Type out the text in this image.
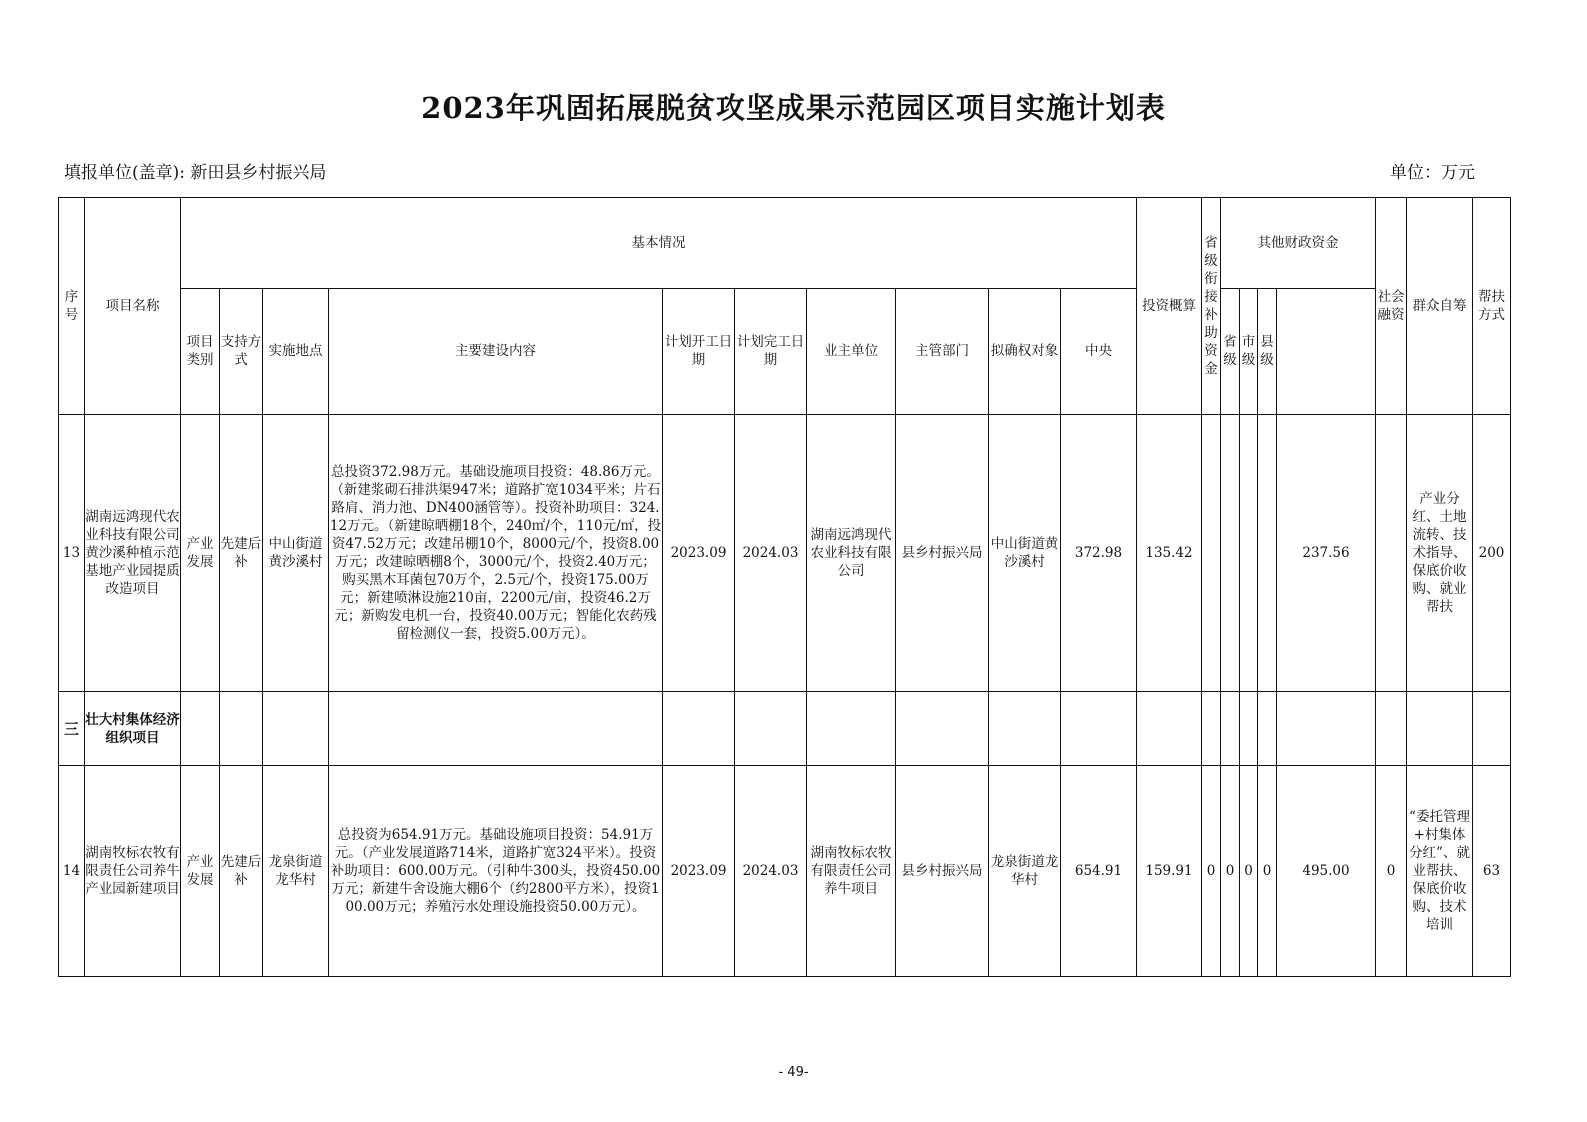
2023年巩固拓展脱贫攻坚成果示范园区项目实施计划表
填报单位(盖章): 新田县乡村振兴局	单位：万元
序号	项目名称	基本情况										投资概算	省级衔接补助资金	其他财政资金				社会融资	群众自筹	帮扶方式	
		项目类别	支持方式	实施地点	主要建设内容	计划开工日期	计划完工日期	业主单位	主管部门	拟确权对象	中央			省级	市级	县级					
13	湖南远鸿现代农业科技有限公司黄沙溪种植示范基地产业园提质改造项目	产业发展	先建后补	中山街道黄沙溪村	总投资372.98万元。基础设施项目投资：48.86万元。（新建浆砌石排洪渠947米；道路扩宽1034平米；片石路肩、消力池、DN400涵管等）。投资补助项目：324.12万元。（新建晾晒棚18个，240㎡/个，110元/㎡，投资47.52万元；改建吊棚10个，8000元/个，投资8.00万元；改建晾晒棚8个，3000元/个，投资2.40万元；购买黑木耳菌包70万个，2.5元/个，投资175.00万元；新建喷淋设施210亩，2200元/亩，投资46.2万元；新购发电机一台，投资40.00万元；智能化农药残留检测仪一套，投资5.00万元）。	2023.09	2024.03	湖南远鸿现代农业科技有限公司	县乡村振兴局	中山街道黄沙溪村	372.98	135.42					237.56		产业分红、土地流转、技术指导、保底价收购、就业帮扶	200	
三	壮大村集体经济组织项目																				
14	湖南牧标农牧有限责任公司养牛产业园新建项目	产业发展	先建后补	龙泉街道龙华村	总投资为654.91万元。基础设施项目投资：54.91万元。（产业发展道路714米，道路扩宽324平米）。投资补助项目：600.00万元。（引种牛300头，投资450.00万元；新建牛舍设施大棚6个（约2800平方米），投资100.00万元；养殖污水处理设施投资50.00万元）。	2023.09	2024.03	湖南牧标农牧有限责任公司养牛项目	县乡村振兴局	龙泉街道龙华村	654.91	159.91	0	0	0	0	495.00	0	“委托管理+村集体分红”、就业帮扶、保底价收购、技术培训	63	
- 49-
